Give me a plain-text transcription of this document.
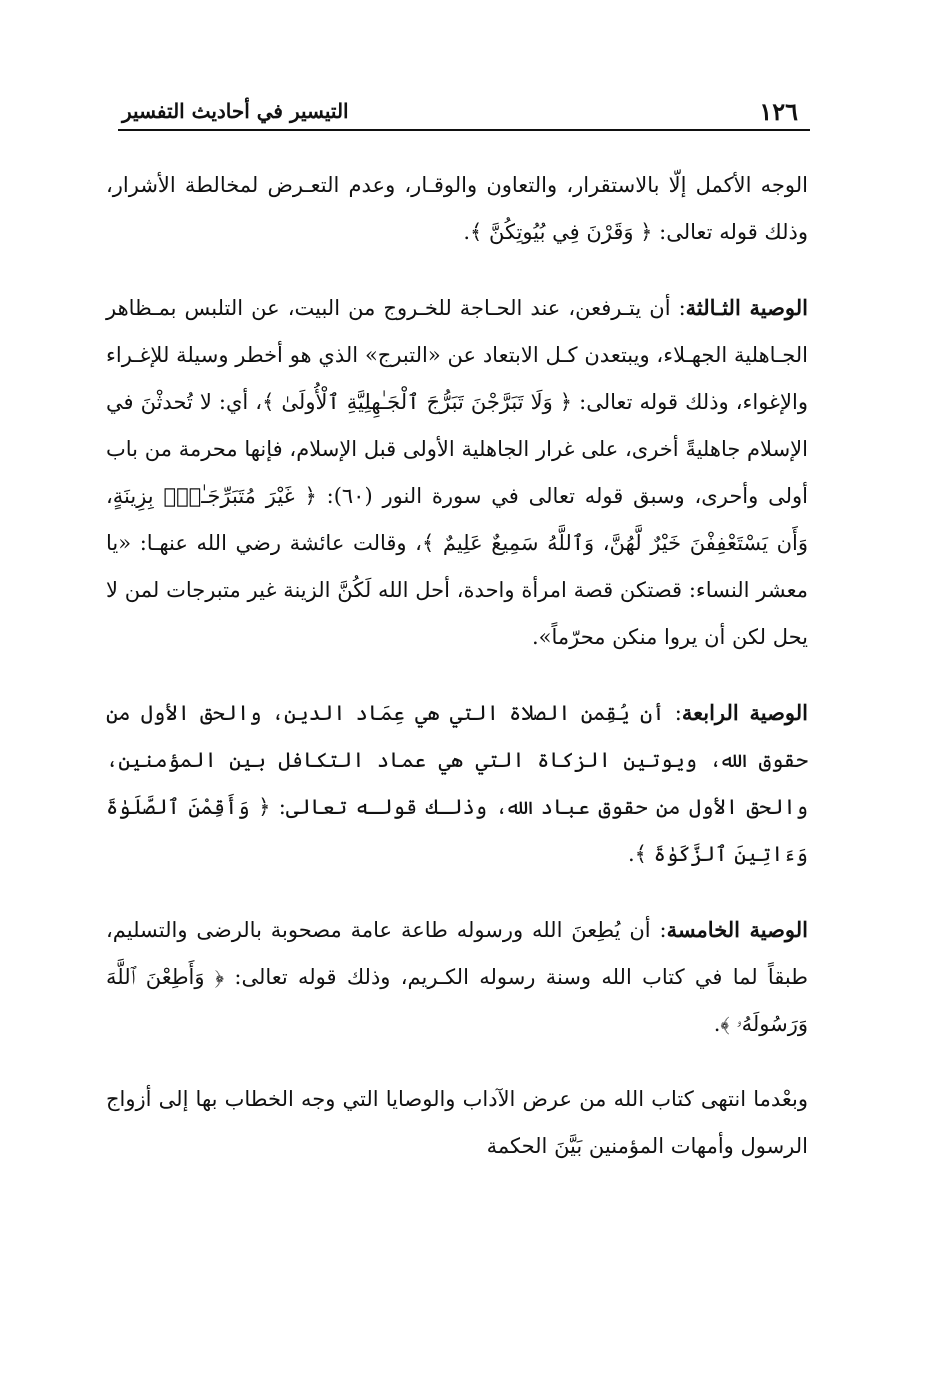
١٢٦
التيسير في أحاديث التفسير

الوجه الأكمل إلّا بالاستقرار، والتعاون والوقـار، وعدم التعـرض لمخالطة الأشرار، وذلك قوله تعالى: ﴿ وَقَرْنَ فِي بُيُوتِكُنَّ ﴾.

الوصية الثـالثة: أن يتـرفعن، عند الحـاجة للخـروج من البيت، عن التلبس بمـظاهر الجـاهلية الجهـلاء، ويبتعدن كـل الابتعاد عن «التبرج» الذي هو أخطر وسيلة للإغـراء والإغواء، وذلك قوله تعالى: ﴿ وَلَا تَبَرَّجْنَ تَبَرُّجَ ٱلْجَـٰهِلِيَّةِ ٱلْأُولَىٰ ﴾، أي: لا تُحدثْنَ في الإسلام جاهليةً أخرى، على غرار الجاهلية الأولى قبل الإسلام، فإنها محرمة من باب أولى وأحرى، وسبق قوله تعالى في سورة النور (٦٠): ﴿ غَيْرَ مُتَبَرِّجَـٰتٍۭ بِزِينَةٍ، وَأَن يَسْتَعْفِفْنَ خَيْرٌ لَّهُنَّ، وَٱللَّهُ سَمِيعٌ عَلِيمٌ ﴾، وقالت عائشة رضي الله عنهـا: «يا معشر النساء: قصتكن قصة امرأة واحدة، أحل الله لَكُنَّ الزينة غير متبرجات لمن لا يحل لكن أن يروا منكن محرّماً».

الوصية الرابعة: أن يُقِمن الصلاة التي هي عِمَاد الدين، والحق الأول من حقوق الله، ويوتين الزكاة التي هي عماد التكافل بين المؤمنين، والحق الأول من حقوق عباد الله، وذلـك قولـه تعالى: ﴿ وَأَقِمْنَ ٱلصَّلَوٰةَ وَءَاتِينَ ٱلزَّكَوٰةَ ﴾.

الوصية الخامسة: أن يُطِعنَ الله ورسوله طاعة عامة مصحوبة بالرضى والتسليم، طبقاً لما في كتاب الله وسنة رسوله الكـريم، وذلك قوله تعالى: ﴿ وَأَطِعْنَ ٱللَّهَ وَرَسُولَهُۥ ﴾.

وبعْدما انتهى كتاب الله من عرض الآداب والوصايا التي وجه الخطاب بها إلى أزواج الرسول وأمهات المؤمنين بَيَّنَ الحكمة
